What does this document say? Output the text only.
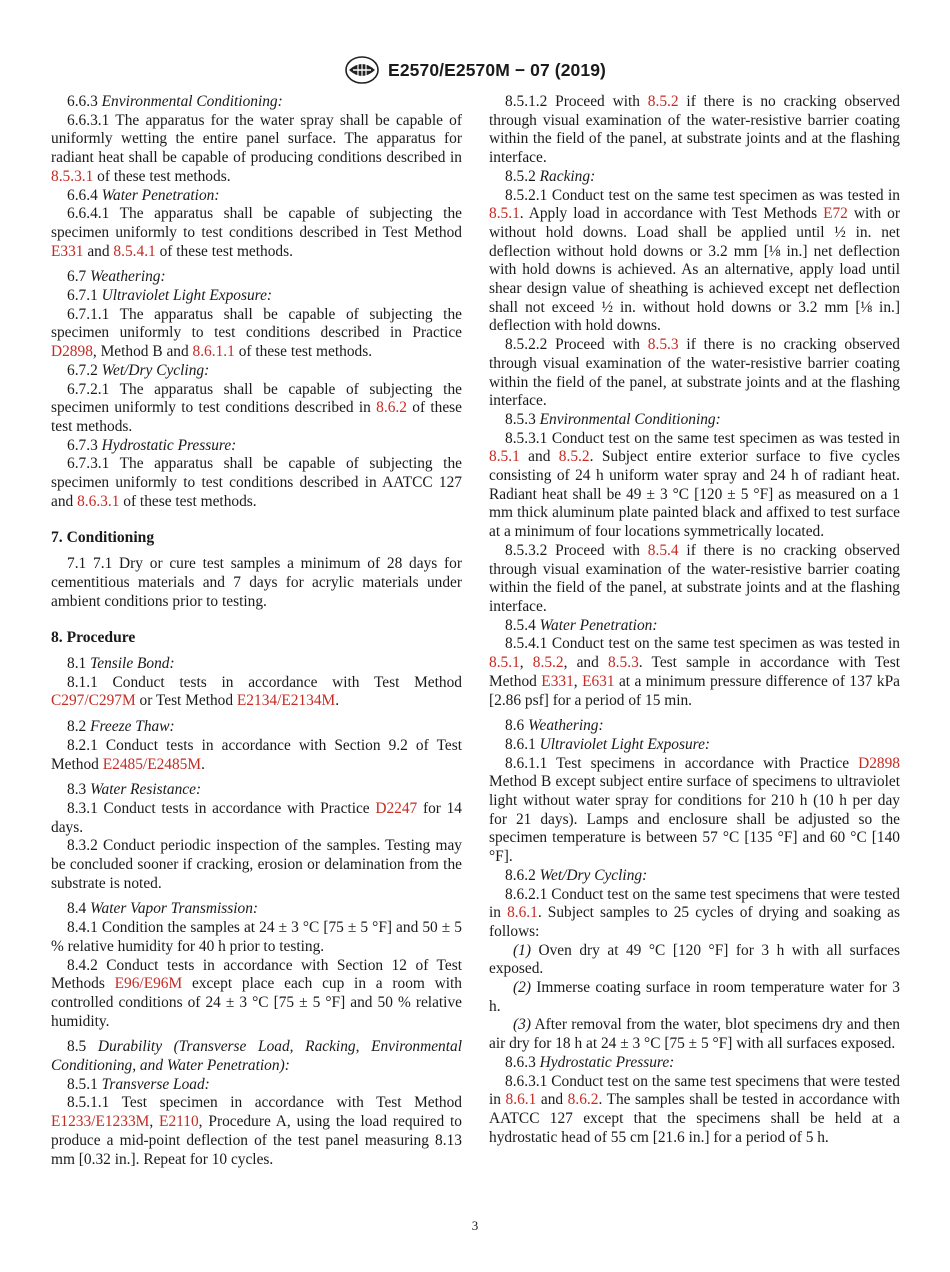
E2570/E2570M − 07 (2019)

6.6.3 Environmental Conditioning:

6.6.3.1 The apparatus for the water spray shall be capable of uniformly wetting the entire panel surface. The apparatus for radiant heat shall be capable of producing conditions described in 8.5.3.1 of these test methods.

6.6.4 Water Penetration:

6.6.4.1 The apparatus shall be capable of subjecting the specimen uniformly to test conditions described in Test Method E331 and 8.5.4.1 of these test methods.

6.7 Weathering:

6.7.1 Ultraviolet Light Exposure:

6.7.1.1 The apparatus shall be capable of subjecting the specimen uniformly to test conditions described in Practice D2898, Method B and 8.6.1.1 of these test methods.

6.7.2 Wet/Dry Cycling:

6.7.2.1 The apparatus shall be capable of subjecting the specimen uniformly to test conditions described in 8.6.2 of these test methods.

6.7.3 Hydrostatic Pressure:

6.7.3.1 The apparatus shall be capable of subjecting the specimen uniformly to test conditions described in AATCC 127 and 8.6.3.1 of these test methods.

7. Conditioning

7.1 7.1 Dry or cure test samples a minimum of 28 days for cementitious materials and 7 days for acrylic materials under ambient conditions prior to testing.

8. Procedure

8.1 Tensile Bond:

8.1.1 Conduct tests in accordance with Test Method C297/C297M or Test Method E2134/E2134M.

8.2 Freeze Thaw:

8.2.1 Conduct tests in accordance with Section 9.2 of Test Method E2485/E2485M.

8.3 Water Resistance:

8.3.1 Conduct tests in accordance with Practice D2247 for 14 days.

8.3.2 Conduct periodic inspection of the samples. Testing may be concluded sooner if cracking, erosion or delamination from the substrate is noted.

8.4 Water Vapor Transmission:

8.4.1 Condition the samples at 24 ± 3 °C [75 ± 5 °F] and 50 ± 5 % relative humidity for 40 h prior to testing.

8.4.2 Conduct tests in accordance with Section 12 of Test Methods E96/E96M except place each cup in a room with controlled conditions of 24 ± 3 °C [75 ± 5 °F] and 50 % relative humidity.

8.5 Durability (Transverse Load, Racking, Environmental Conditioning, and Water Penetration):

8.5.1 Transverse Load:

8.5.1.1 Test specimen in accordance with Test Method E1233/E1233M, E2110, Procedure A, using the load required to produce a mid-point deflection of the test panel measuring 8.13 mm [0.32 in.]. Repeat for 10 cycles.

8.5.1.2 Proceed with 8.5.2 if there is no cracking observed through visual examination of the water-resistive barrier coating within the field of the panel, at substrate joints and at the flashing interface.

8.5.2 Racking:

8.5.2.1 Conduct test on the same test specimen as was tested in 8.5.1. Apply load in accordance with Test Methods E72 with or without hold downs. Load shall be applied until ½ in. net deflection without hold downs or 3.2 mm [⅛ in.] net deflection with hold downs is achieved. As an alternative, apply load until shear design value of sheathing is achieved except net deflection shall not exceed ½ in. without hold downs or 3.2 mm [⅛ in.] deflection with hold downs.

8.5.2.2 Proceed with 8.5.3 if there is no cracking observed through visual examination of the water-resistive barrier coating within the field of the panel, at substrate joints and at the flashing interface.

8.5.3 Environmental Conditioning:

8.5.3.1 Conduct test on the same test specimen as was tested in 8.5.1 and 8.5.2. Subject entire exterior surface to five cycles consisting of 24 h uniform water spray and 24 h of radiant heat. Radiant heat shall be 49 ± 3 °C [120 ± 5 °F] as measured on a 1 mm thick aluminum plate painted black and affixed to test surface at a minimum of four locations symmetrically located.

8.5.3.2 Proceed with 8.5.4 if there is no cracking observed through visual examination of the water-resistive barrier coating within the field of the panel, at substrate joints and at the flashing interface.

8.5.4 Water Penetration:

8.5.4.1 Conduct test on the same test specimen as was tested in 8.5.1, 8.5.2, and 8.5.3. Test sample in accordance with Test Method E331, E631 at a minimum pressure difference of 137 kPa [2.86 psf] for a period of 15 min.

8.6 Weathering:

8.6.1 Ultraviolet Light Exposure:

8.6.1.1 Test specimens in accordance with Practice D2898 Method B except subject entire surface of specimens to ultraviolet light without water spray for conditions for 210 h (10 h per day for 21 days). Lamps and enclosure shall be adjusted so the specimen temperature is between 57 °C [135 °F] and 60 °C [140 °F].

8.6.2 Wet/Dry Cycling:

8.6.2.1 Conduct test on the same test specimens that were tested in 8.6.1. Subject samples to 25 cycles of drying and soaking as follows:

(1) Oven dry at 49 °C [120 °F] for 3 h with all surfaces exposed.

(2) Immerse coating surface in room temperature water for 3 h.

(3) After removal from the water, blot specimens dry and then air dry for 18 h at 24 ± 3 °C [75 ± 5 °F] with all surfaces exposed.

8.6.3 Hydrostatic Pressure:

8.6.3.1 Conduct test on the same test specimens that were tested in 8.6.1 and 8.6.2. The samples shall be tested in accordance with AATCC 127 except that the specimens shall be held at a hydrostatic head of 55 cm [21.6 in.] for a period of 5 h.

3
